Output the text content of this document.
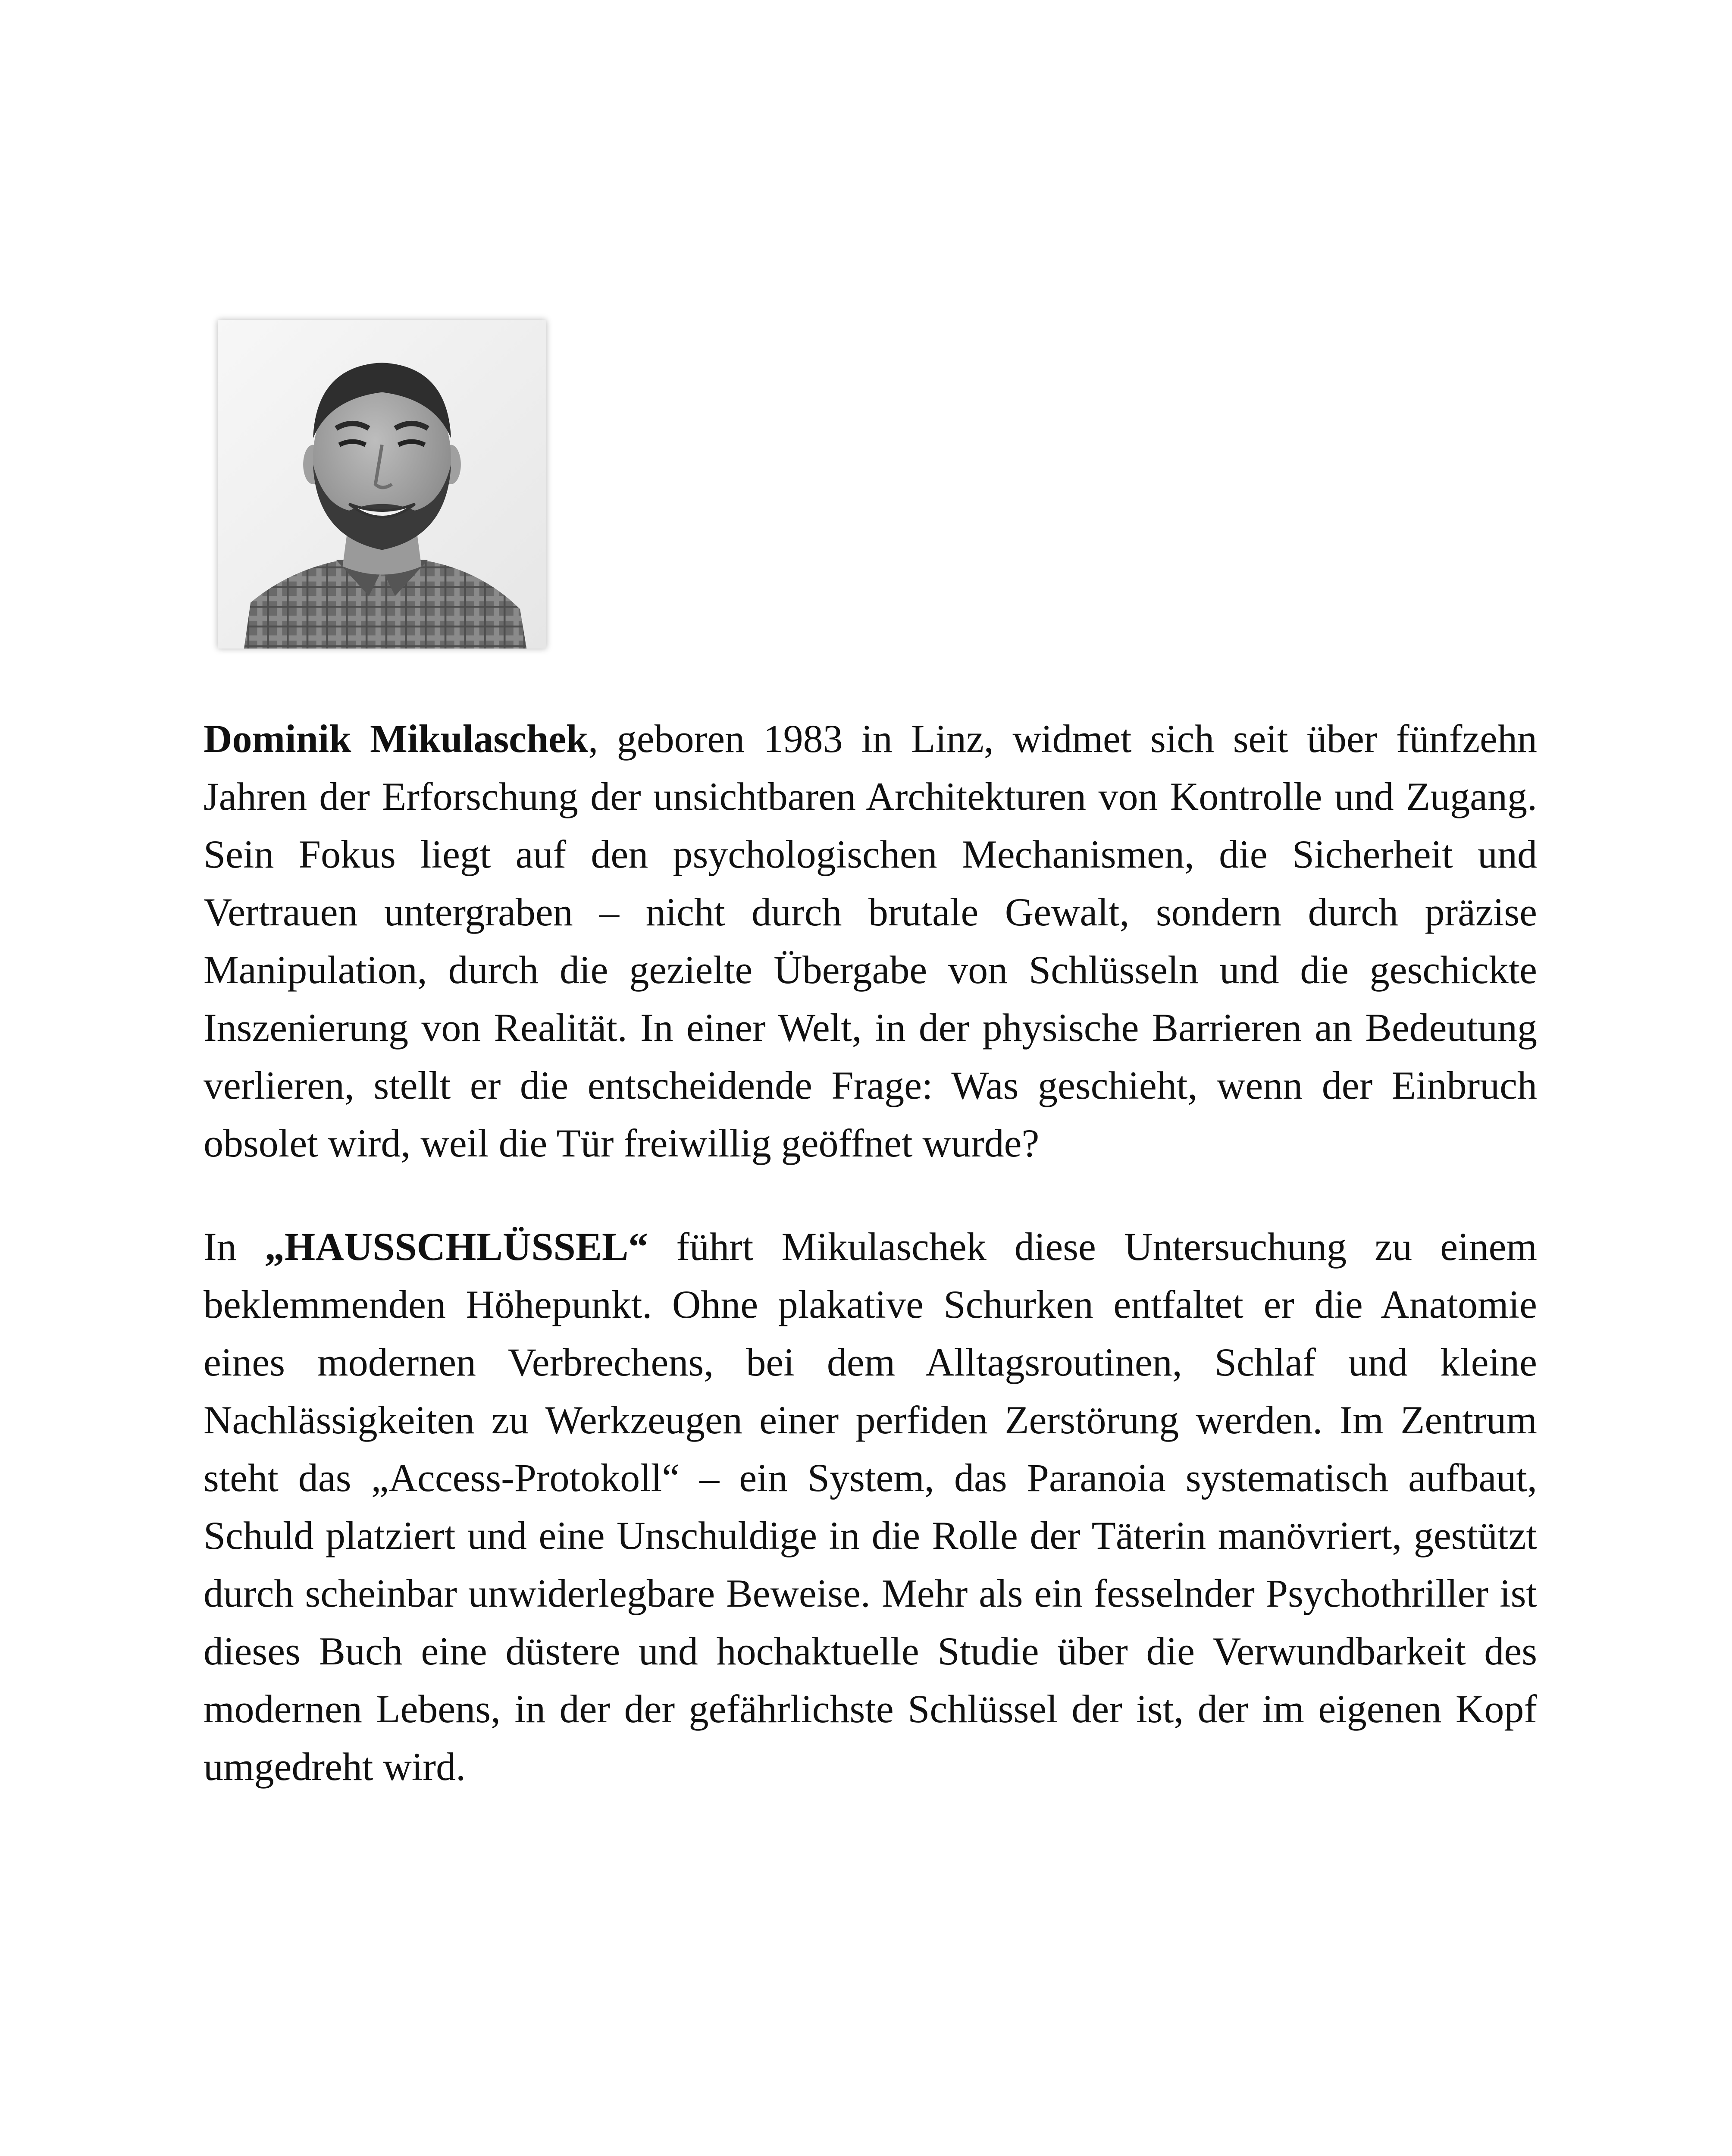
Dominik Mikulaschek, geboren 1983 in Linz, widmet sich seit über fünfzehn Jahren der Erforschung der unsichtbaren Architekturen von Kontrolle und Zugang. Sein Fokus liegt auf den psychologischen Mechanismen, die Sicherheit und Vertrauen untergraben – nicht durch brutale Gewalt, sondern durch präzise Manipulation, durch die gezielte Übergabe von Schlüsseln und die geschickte Inszenierung von Realität. In einer Welt, in der physische Barrieren an Bedeutung verlieren, stellt er die entscheidende Frage: Was geschieht, wenn der Einbruch obsolet wird, weil die Tür freiwillig geöffnet wurde?

In „HAUSSCHLÜSSEL“ führt Mikulaschek diese Untersuchung zu einem beklemmenden Höhepunkt. Ohne plakative Schurken entfaltet er die Anatomie eines modernen Verbrechens, bei dem Alltagsroutinen, Schlaf und kleine Nachlässigkeiten zu Werkzeugen einer perfiden Zerstörung werden. Im Zentrum steht das „Access-Protokoll“ – ein System, das Paranoia systematisch aufbaut, Schuld platziert und eine Unschuldige in die Rolle der Täterin manövriert, gestützt durch scheinbar unwiderlegbare Beweise. Mehr als ein fesselnder Psychothriller ist dieses Buch eine düstere und hochaktuelle Studie über die Verwundbarkeit des modernen Lebens, in der der gefährlichste Schlüssel der ist, der im eigenen Kopf umgedreht wird.
